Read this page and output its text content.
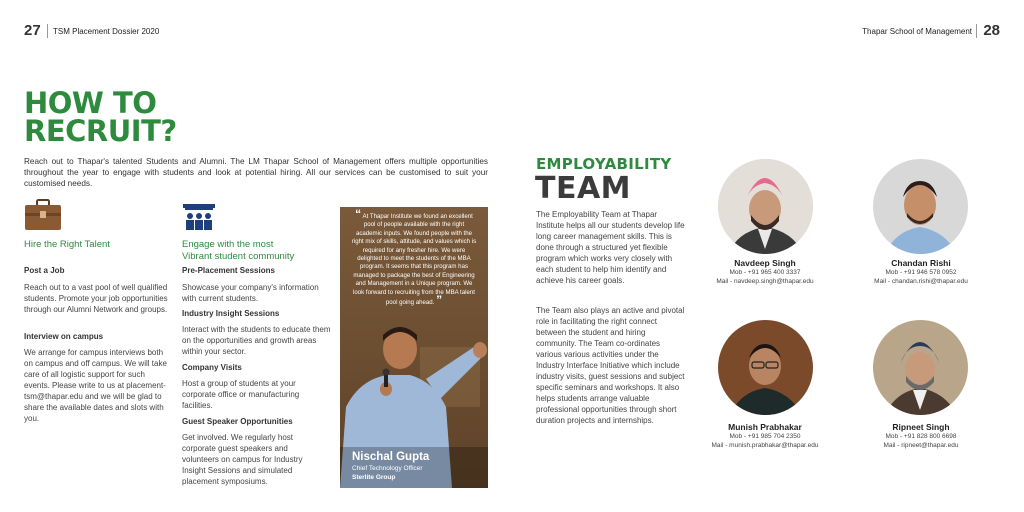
27 TSM Placement Dossier 2020	Thapar School of Management 28
HOW TO
RECRUIT?
Reach out to Thapar's talented Students and Alumni. The LM Thapar School of Management offers multiple opportunities throughout the year to engage with students and look at potential hiring. All our services can be customised to suit your customised needs.
Hire the Right Talent
Post a Job
Reach out to a vast pool of well qualified students. Promote your job opportunities through our Alumni Network and groups.
Interview on campus
We arrange for campus interviews both on campus and off campus. We will take care of all logistic support for such events. Please write to us at placement-tsm@thapar.edu and we will be glad to share the available dates and slots with you.
Engage with the most
Vibrant student community
Pre-Placement Sessions
Showcase your company's information with current students.
Industry Insight Sessions
Interact with the students to educate them on the opportunities and growth areas within your sector.
Company Visits
Host a group of students at your corporate office or manufacturing facilities.
Guest Speaker Opportunities
Get involved. We regularly host corporate guest speakers and volunteers on campus for Industry Insight Sessions and simulated placement symposiums.
“ At Thapar Institute we found an excellent pool of people available with the right academic inputs. We found people with the right mix of skills, attitude, and values which is required for any fresher hire. We were delighted to meet the students of the MBA program. It seems that this program has managed to package the best of Engineering and Management in a Unique program. We look forward to recruiting from the MBA talent pool going ahead. ”
Nischal Gupta
Chief Technology Officer
Sterlite Group
EMPLOYABILITY
TEAM
The Employability Team at Thapar Institute helps all our students develop life long career management skills. This is done through a structured yet flexible program which works very closely with each student to help him identify and achieve his career goals.
The Team also plays an active and pivotal role in facilitating the right connect between the student and hiring community. The Team co-ordinates various various activities under the Industry Interface Initiative which include industry visits, guest sessions and subject specific seminars and workshops. It also helps students arrange valuable professional opportunities through short duration projects and internships.
Navdeep Singh
Mob - +91 965 400 3337
Mail - navdeep.singh@thapar.edu
Chandan Rishi
Mob - +91 946 578 0952
Mail - chandan.rishi@thapar.edu
Munish Prabhakar
Mob - +91 985 704 2350
Mail - munish.prabhakar@thapar.edu
Ripneet Singh
Mob - +91 828 800 6698
Mail - ripneet@thapar.edu
